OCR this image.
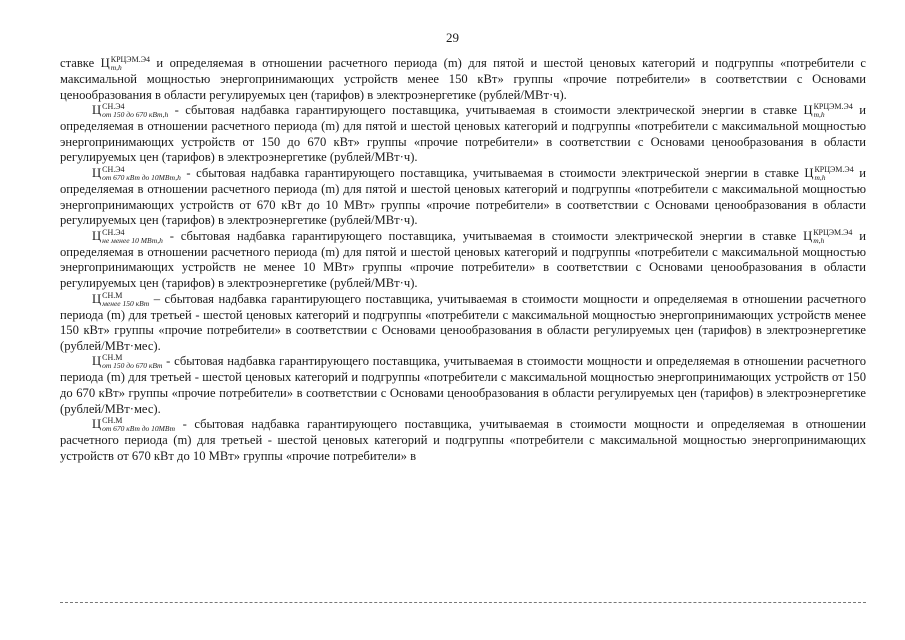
29

ставке Ц КРЦЭМ.Э4
m,h	и определяемая в отношении расчетного периода (m) для пятой и шестой ценовых категорий и подгруппы «потребители с максимальной мощностью энергопринимающих устройств менее 150 кВт» группы «прочие потребители» в соответствии с Основами ценообразования в области регулируемых цен (тарифов) в электроэнергетике (рублей/МВт·ч).

Ц СН.Э4
от 150 до 670 кВт,h - сбытовая надбавка гарантирующего поставщика, учитываемая в стоимости электрической энергии в ставке Ц КРЦЭМ.Э4
m,h	и определяемая в отношении расчетного периода (m) для пятой и шестой ценовых категорий и подгруппы «потребители с максимальной мощностью энергопринимающих устройств от 150 до 670 кВт» группы «прочие потребители» в соответствии с Основами ценообразования в области регулируемых цен (тарифов) в электроэнергетике (рублей/МВт·ч).

Ц СН.Э4
от 670 кВт до 10МВт,h - сбытовая надбавка гарантирующего поставщика, учитываемая в стоимости электрической энергии в ставке Ц КРЦЭМ.Э4
m,h	и определяемая в отношении расчетного периода (m) для пятой и шестой ценовых категорий и подгруппы «потребители с максимальной мощностью энергопринимающих устройств от 670 кВт до 10 МВт» группы «прочие потребители» в соответствии с Основами ценообразования в области регулируемых цен (тарифов) в электроэнергетике (рублей/МВт·ч).

Ц СН.Э4
не менее 10 МВт,h - сбытовая надбавка гарантирующего поставщика, учитываемая в стоимости электрической энергии в ставке Ц КРЦЭМ.Э4
m,h	и определяемая в отношении расчетного периода (m) для пятой и шестой ценовых категорий и подгруппы «потребители с максимальной мощностью энергопринимающих устройств не менее 10 МВт» группы «прочие потребители» в соответствии с Основами ценообразования в области регулируемых цен (тарифов) в электроэнергетике (рублей/МВт·ч).

Ц СН.М
менее 150 кВт – сбытовая надбавка гарантирующего поставщика, учитываемая в стоимости мощности и определяемая в отношении расчетного периода (m) для третьей - шестой ценовых категорий и подгруппы «потребители с максимальной мощностью энергопринимающих устройств менее 150 кВт» группы «прочие потребители» в соответствии с Основами ценообразования в области регулируемых цен (тарифов) в электроэнергетике (рублей/МВт·мес).

Ц СН.М
от 150 до 670 кВт - сбытовая надбавка гарантирующего поставщика, учитываемая в стоимости мощности и определяемая в отношении расчетного периода (m) для третьей - шестой ценовых категорий и подгруппы «потребители с максимальной мощностью энергопринимающих устройств от 150 до 670 кВт» группы «прочие потребители» в соответствии с Основами ценообразования в области регулируемых цен (тарифов) в электроэнергетике (рублей/МВт·мес).

Ц СН.М
от 670 кВт до 10МВт - сбытовая надбавка гарантирующего поставщика, учитываемая в стоимости мощности и определяемая в отношении расчетного периода (m) для третьей - шестой ценовых категорий и подгруппы «потребители с максимальной мощностью энергопринимающих устройств от 670 кВт до 10 МВт» группы «прочие потребители» в
